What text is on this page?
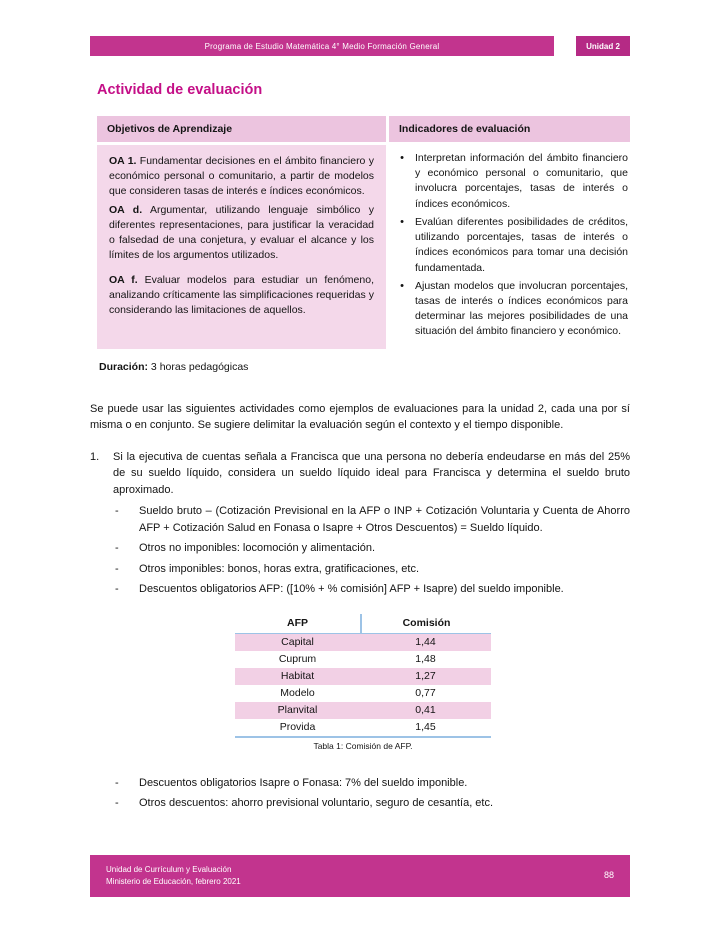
Programa de Estudio Matemática 4° Medio Formación General	Unidad 2
Actividad de evaluación
Objetivos de Aprendizaje	Indicadores de evaluación

OA 1. Fundamentar decisiones en el ámbito financiero y económico personal o comunitario, a partir de modelos que consideren tasas de interés e índices económicos.

OA d. Argumentar, utilizando lenguaje simbólico y diferentes representaciones, para justificar la veracidad o falsedad de una conjetura, y evaluar el alcance y los límites de los argumentos utilizados.

OA f. Evaluar modelos para estudiar un fenómeno, analizando críticamente las simplificaciones requeridas y considerando las limitaciones de aquellos.

• Interpretan información del ámbito financiero y económico personal o comunitario, que involucra porcentajes, tasas de interés o índices económicos.
• Evalúan diferentes posibilidades de créditos, utilizando porcentajes, tasas de interés o índices económicos para tomar una decisión fundamentada.
• Ajustan modelos que involucran porcentajes, tasas de interés o índices económicos para determinar las mejores posibilidades de una situación del ámbito financiero y económico.

Duración: 3 horas pedagógicas

Se puede usar las siguientes actividades como ejemplos de evaluaciones para la unidad 2, cada una por sí misma o en conjunto. Se sugiere delimitar la evaluación según el contexto y el tiempo disponible.

1.	Si la ejecutiva de cuentas señala a Francisca que una persona no debería endeudarse en más del 25% de su sueldo líquido, considera un sueldo líquido ideal para Francisca y determina el sueldo bruto aproximado.
- Sueldo bruto – (Cotización Previsional en la AFP o INP + Cotización Voluntaria y Cuenta de Ahorro AFP + Cotización Salud en Fonasa o Isapre + Otros Descuentos) = Sueldo líquido.
- Otros no imponibles: locomoción y alimentación.
- Otros imponibles: bonos, horas extra, gratificaciones, etc.
- Descuentos obligatorios AFP: ([10% + % comisión] AFP + Isapre) del sueldo imponible.
AFP	Comisión
Capital	1,44
Cuprum	1,48
Habitat	1,27
Modelo	0,77
Planvital	0,41
Provida	1,45

Tabla 1: Comisión de AFP.

- Descuentos obligatorios Isapre o Fonasa: 7% del sueldo imponible.
- Otros descuentos: ahorro previsional voluntario, seguro de cesantía, etc.
Unidad de Currículum y Evaluación
Ministerio de Educación, febrero 2021
88
